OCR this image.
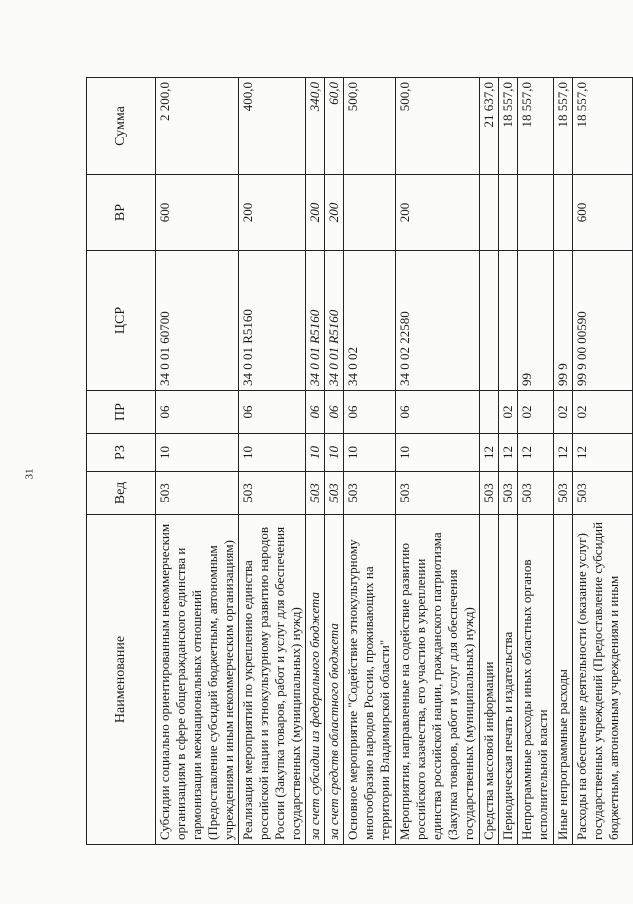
31
Наименование	Вед	РЗ	ПР	ЦСР	ВР	Сумма
Субсидии социально ориентированным некоммерческим организациям в сфере общегражданского единства и гармонизации межнациональных отношений (Предоставление субсидий бюджетным, автономным учреждениям и иным некоммерческим организациям)	503	10	06	34 0 01 60700	600	2 200,0
Реализация мероприятий по укреплению единства российской нации и этнокультурному развитию народов России (Закупка товаров, работ и услуг для обеспечения государственных (муниципальных) нужд)	503	10	06	34 0 01 R5160	200	400,0
за счет субсидии из федерального бюджета	503	10	06	34 0 01 R5160	200	340,0
за счет средств областного бюджета	503	10	06	34 0 01 R5160	200	60,0
Основное мероприятие "Содействие этнокультурному многообразию народов России, проживающих на территории Владимирской области"	503	10	06	34 0 02		500,0
Мероприятия, направленные на содействие развитию российского казачества, его участию в укреплении единства российской нации, гражданского патриотизма (Закупка товаров, работ и услуг для обеспечения государственных (муниципальных) нужд)	503	10	06	34 0 02 22580	200	500,0
Средства массовой информации	503	12				21 637,0
Периодическая печать и издательства	503	12	02			18 557,0
Непрограммные расходы иных областных органов исполнительной власти	503	12	02	99		18 557,0
Иные непрограммные расходы	503	12	02	99 9		18 557,0
Расходы на обеспечение деятельности (оказание услуг) государственных учреждений (Предоставление субсидий бюджетным, автономным учреждениям и иным	503	12	02	99 9 00 00590	600	18 557,0
